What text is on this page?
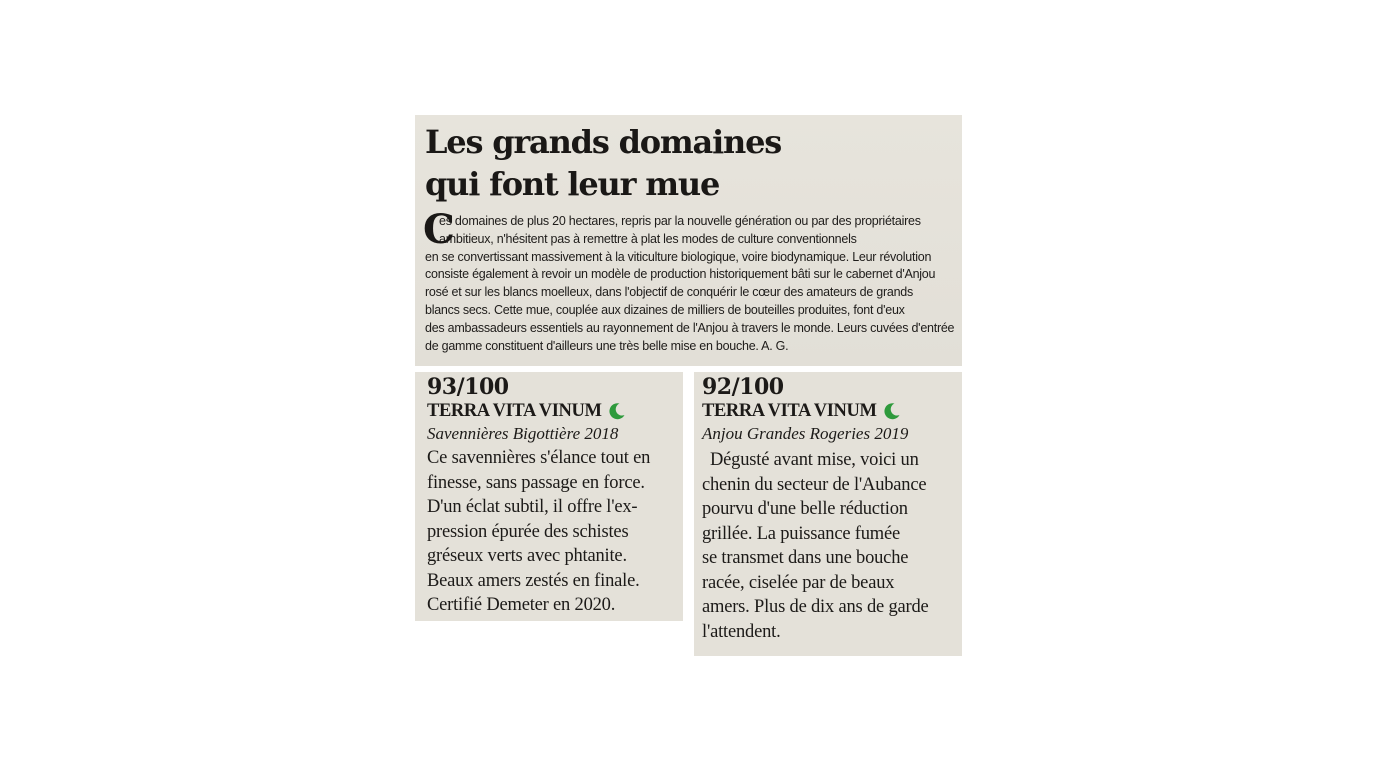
Les grands domaines
qui font leur mue
C
es domaines de plus 20 hectares, repris par la nouvelle génération ou par des propriétaires
ambitieux, n'hésitent pas à remettre à plat les modes de culture conventionnels
en se convertissant massivement à la viticulture biologique, voire biodynamique. Leur révolution
consiste également à revoir un modèle de production historiquement bâti sur le cabernet d'Anjou
rosé et sur les blancs moelleux, dans l'objectif de conquérir le cœur des amateurs de grands
blancs secs. Cette mue, couplée aux dizaines de milliers de bouteilles produites, font d'eux
des ambassadeurs essentiels au rayonnement de l'Anjou à travers le monde. Leurs cuvées d'entrée
de gamme constituent d'ailleurs une très belle mise en bouche. A. G.
93/100
TERRA VITA VINUM
Savennières Bigottière 2018
Ce savennières s'élance tout en
finesse, sans passage en force.
D'un éclat subtil, il offre l'ex-
pression épurée des schistes
gréseux verts avec phtanite.
Beaux amers zestés en finale.
Certifié Demeter en 2020.
92/100
TERRA VITA VINUM
Anjou Grandes Rogeries 2019
Dégusté avant mise, voici un
chenin du secteur de l'Aubance
pourvu d'une belle réduction
grillée. La puissance fumée
se transmet dans une bouche
racée, ciselée par de beaux
amers. Plus de dix ans de garde
l'attendent.
